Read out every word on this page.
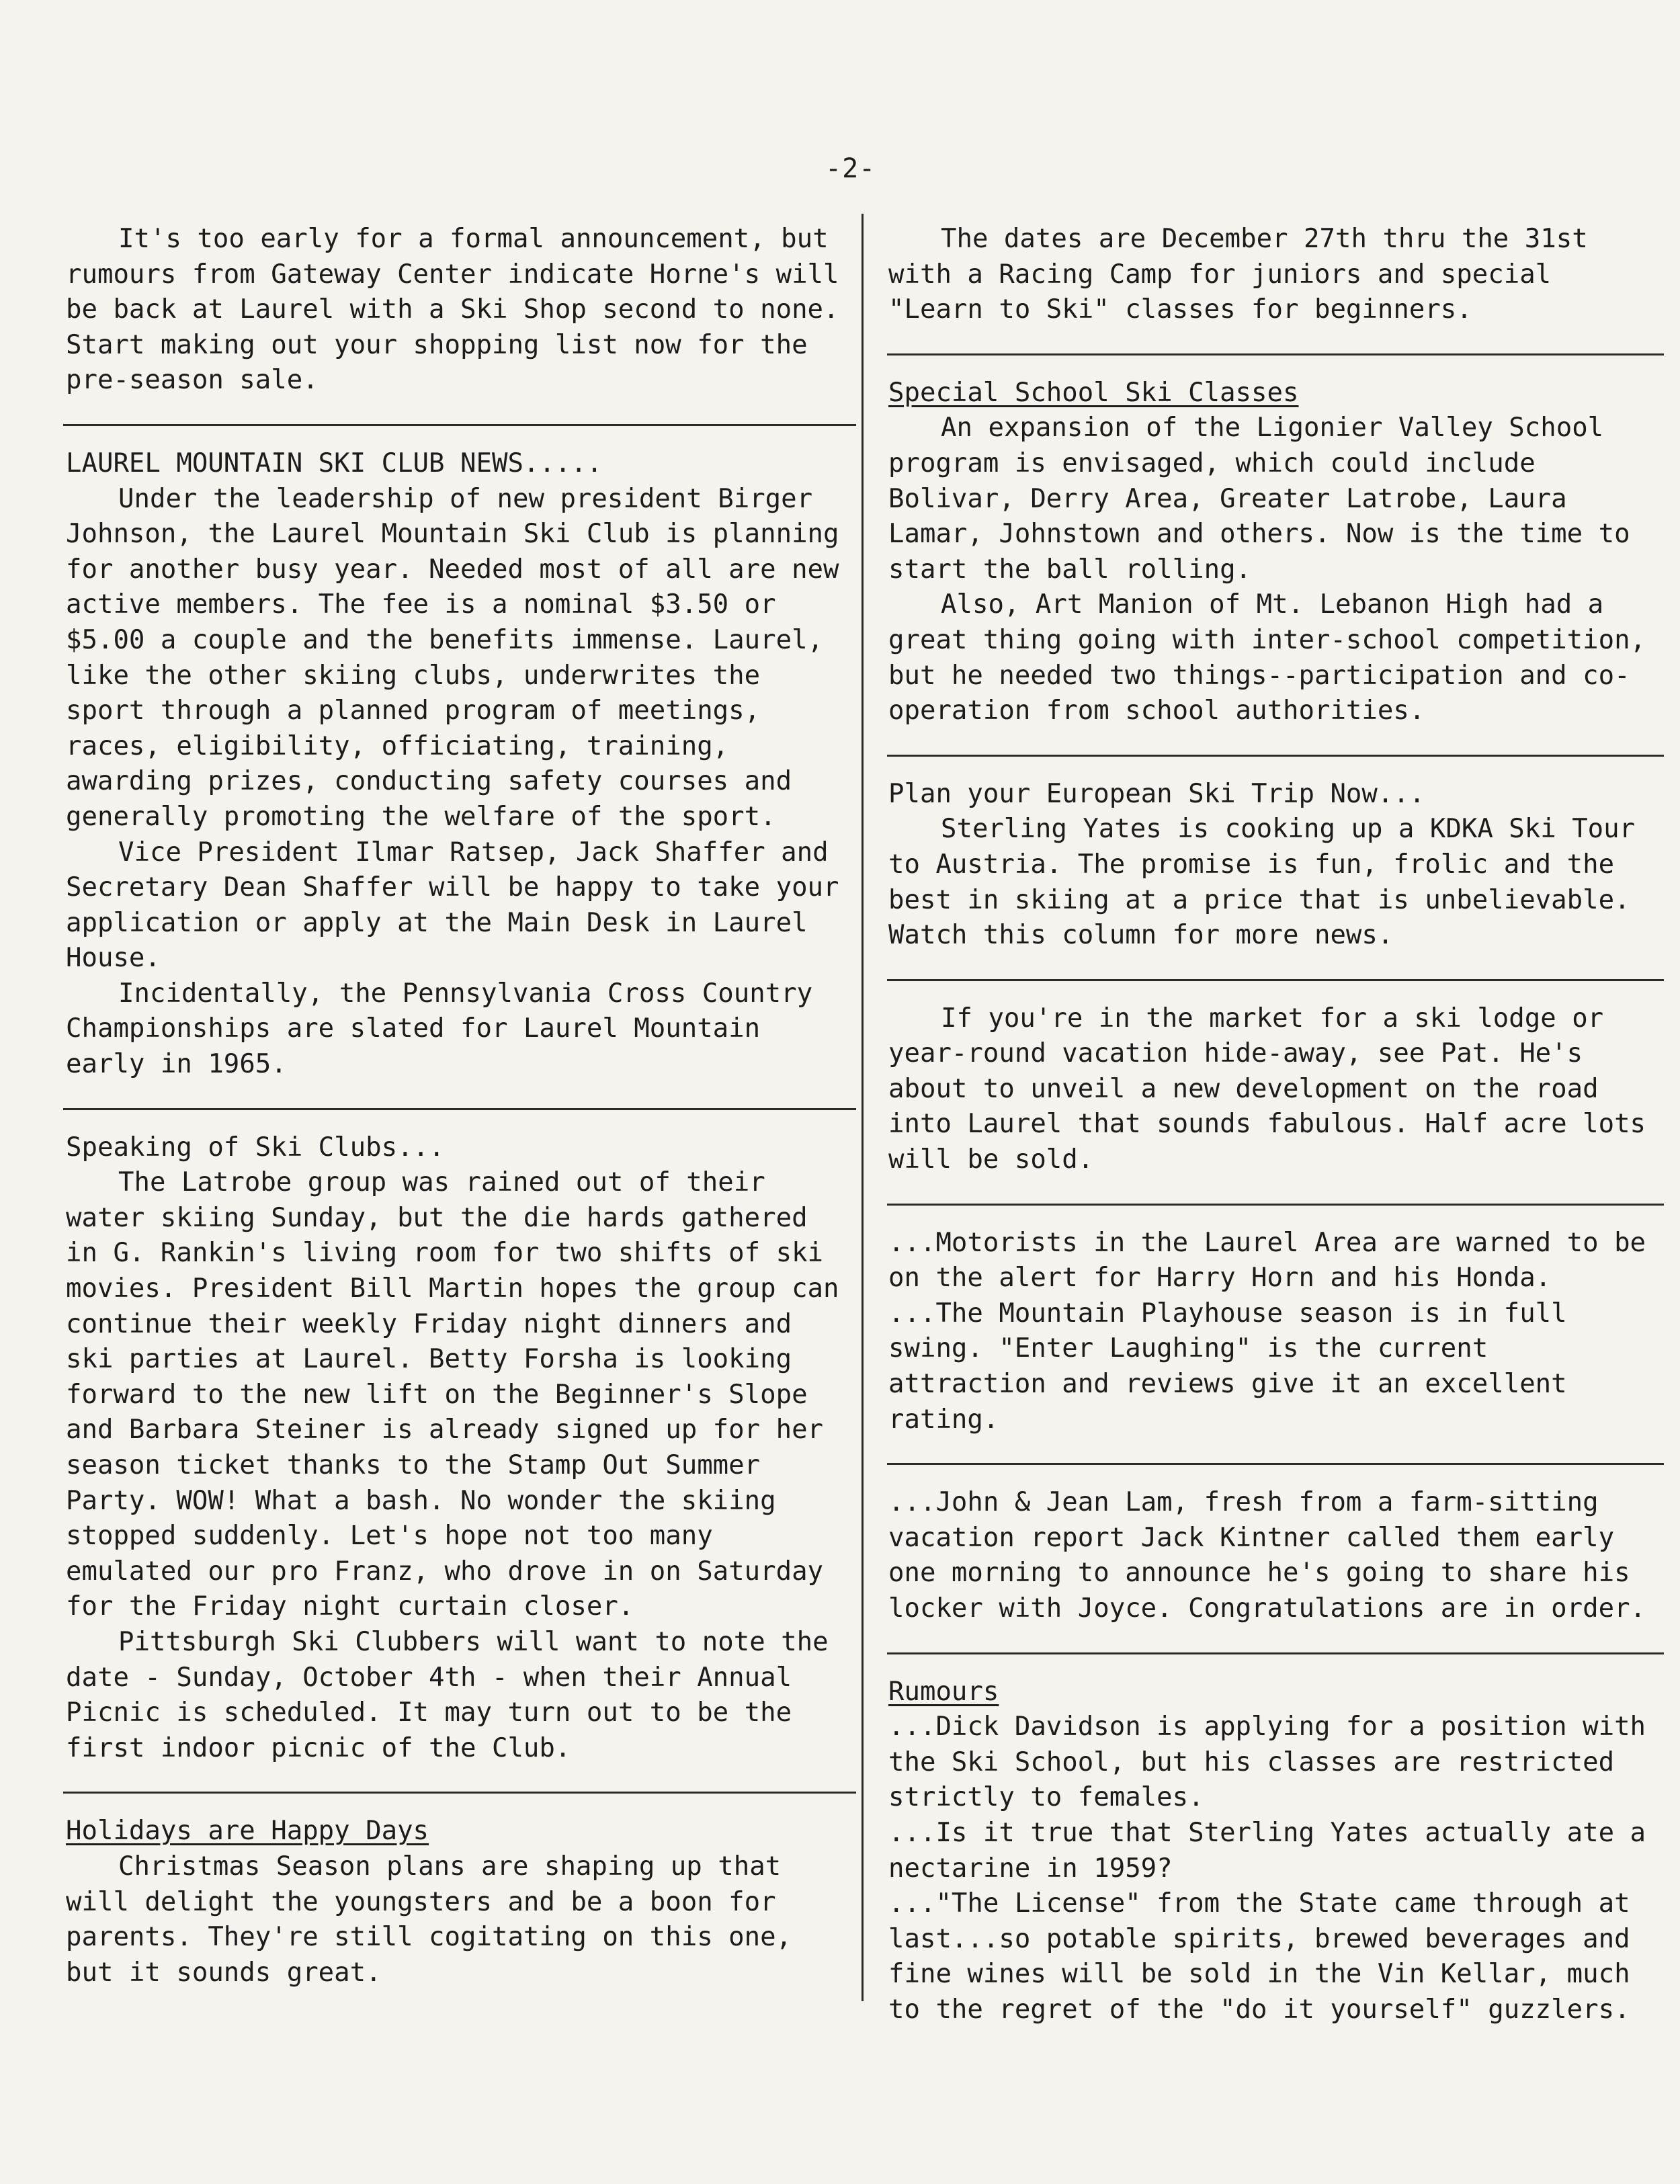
-2-

It's too early for a formal announcement, but rumours from Gateway Center indicate Horne's will be back at Laurel with a Ski Shop second to none. Start making out your shopping list now for the pre-season sale.

LAUREL MOUNTAIN SKI CLUB NEWS.....

Under the leadership of new president Birger Johnson, the Laurel Mountain Ski Club is planning for another busy year. Needed most of all are new active members. The fee is a nominal $3.50 or $5.00 a couple and the benefits immense. Laurel, like the other skiing clubs, underwrites the sport through a planned program of meetings, races, eligibility, officiating, training, awarding prizes, conducting safety courses and generally promoting the welfare of the sport.

Vice President Ilmar Ratsep, Jack Shaffer and Secretary Dean Shaffer will be happy to take your application or apply at the Main Desk in Laurel House.

Incidentally, the Pennsylvania Cross Country Championships are slated for Laurel Mountain early in 1965.

Speaking of Ski Clubs...

The Latrobe group was rained out of their water skiing Sunday, but the die hards gathered in G. Rankin's living room for two shifts of ski movies. President Bill Martin hopes the group can continue their weekly Friday night dinners and ski parties at Laurel. Betty Forsha is looking forward to the new lift on the Beginner's Slope and Barbara Steiner is already signed up for her season ticket thanks to the Stamp Out Summer Party. WOW! What a bash. No wonder the skiing stopped suddenly. Let's hope not too many emulated our pro Franz, who drove in on Saturday for the Friday night curtain closer.

Pittsburgh Ski Clubbers will want to note the date - Sunday, October 4th - when their Annual Picnic is scheduled. It may turn out to be the first indoor picnic of the Club.

Holidays are Happy Days

Christmas Season plans are shaping up that will delight the youngsters and be a boon for parents. They're still cogitating on this one, but it sounds great.

The dates are December 27th thru the 31st with a Racing Camp for juniors and special "Learn to Ski" classes for beginners.

Special School Ski Classes

An expansion of the Ligonier Valley School program is envisaged, which could include Bolivar, Derry Area, Greater Latrobe, Laura Lamar, Johnstown and others. Now is the time to start the ball rolling.

Also, Art Manion of Mt. Lebanon High had a great thing going with inter-school competition, but he needed two things--participation and co-operation from school authorities.

Plan your European Ski Trip Now...

Sterling Yates is cooking up a KDKA Ski Tour to Austria. The promise is fun, frolic and the best in skiing at a price that is unbelievable. Watch this column for more news.

If you're in the market for a ski lodge or year-round vacation hide-away, see Pat. He's about to unveil a new development on the road into Laurel that sounds fabulous. Half acre lots will be sold.

...Motorists in the Laurel Area are warned to be on the alert for Harry Horn and his Honda.

...The Mountain Playhouse season is in full swing. "Enter Laughing" is the current attraction and reviews give it an excellent rating.

...John & Jean Lam, fresh from a farm-sitting vacation report Jack Kintner called them early one morning to announce he's going to share his locker with Joyce. Congratulations are in order.

Rumours

...Dick Davidson is applying for a position with the Ski School, but his classes are restricted strictly to females.

...Is it true that Sterling Yates actually ate a nectarine in 1959?

..."The License" from the State came through at last...so potable spirits, brewed beverages and fine wines will be sold in the Vin Kellar, much to the regret of the "do it yourself" guzzlers.
